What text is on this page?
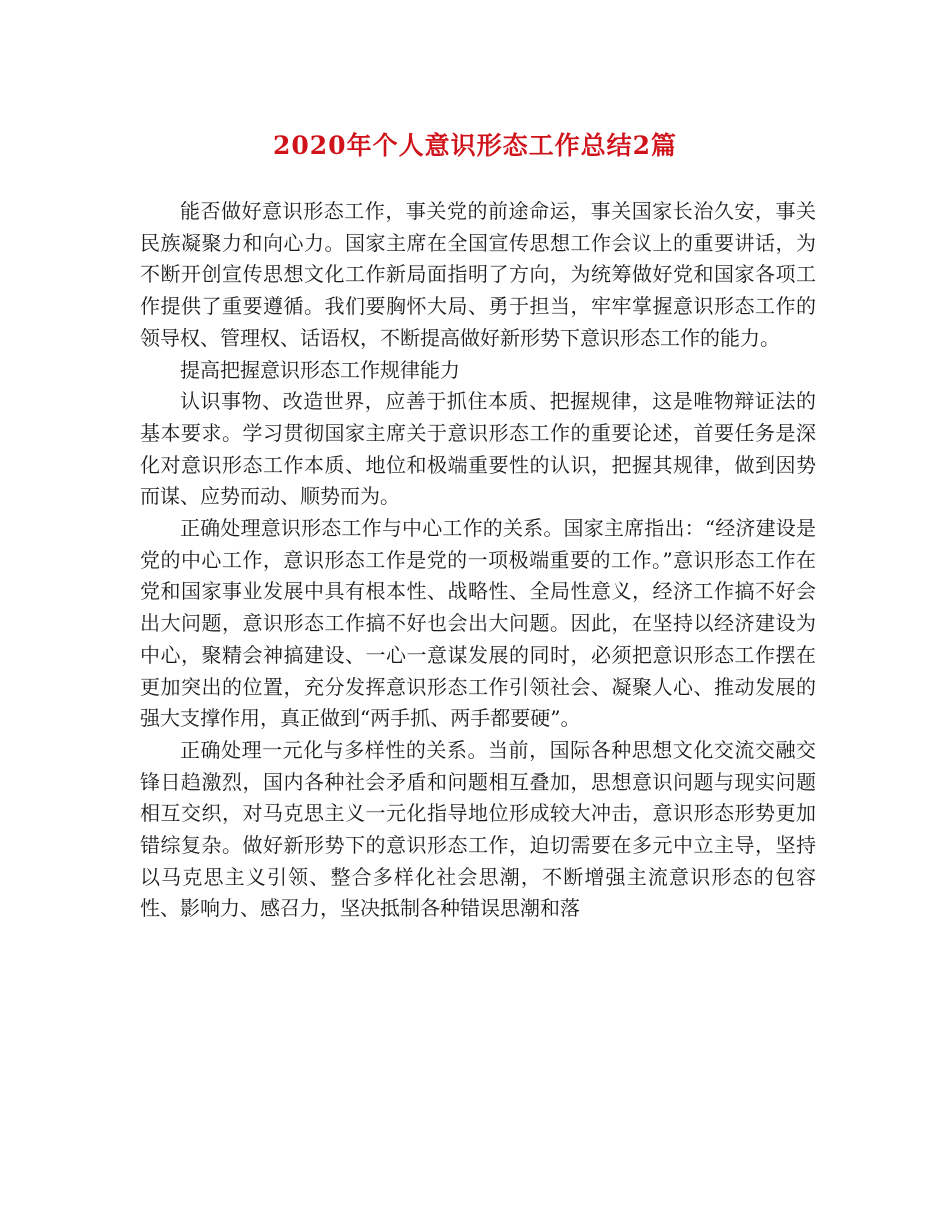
2020年个人意识形态工作总结2篇

能否做好意识形态工作，事关党的前途命运，事关国家长治久安，事关民族凝聚力和向心力。国家主席在全国宣传思想工作会议上的重要讲话，为不断开创宣传思想文化工作新局面指明了方向，为统筹做好党和国家各项工作提供了重要遵循。我们要胸怀大局、勇于担当，牢牢掌握意识形态工作的领导权、管理权、话语权，不断提高做好新形势下意识形态工作的能力。

提高把握意识形态工作规律能力

认识事物、改造世界，应善于抓住本质、把握规律，这是唯物辩证法的基本要求。学习贯彻国家主席关于意识形态工作的重要论述，首要任务是深化对意识形态工作本质、地位和极端重要性的认识，把握其规律，做到因势而谋、应势而动、顺势而为。

正确处理意识形态工作与中心工作的关系。国家主席指出：“经济建设是党的中心工作，意识形态工作是党的一项极端重要的工作。”意识形态工作在党和国家事业发展中具有根本性、战略性、全局性意义，经济工作搞不好会出大问题，意识形态工作搞不好也会出大问题。因此，在坚持以经济建设为中心，聚精会神搞建设、一心一意谋发展的同时，必须把意识形态工作摆在更加突出的位置，充分发挥意识形态工作引领社会、凝聚人心、推动发展的强大支撑作用，真正做到“两手抓、两手都要硬”。

正确处理一元化与多样性的关系。当前，国际各种思想文化交流交融交锋日趋激烈，国内各种社会矛盾和问题相互叠加，思想意识问题与现实问题相互交织，对马克思主义一元化指导地位形成较大冲击，意识形态形势更加错综复杂。做好新形势下的意识形态工作，迫切需要在多元中立主导，坚持以马克思主义引领、整合多样化社会思潮，不断增强主流意识形态的包容性、影响力、感召力，坚决抵制各种错误思潮和落
